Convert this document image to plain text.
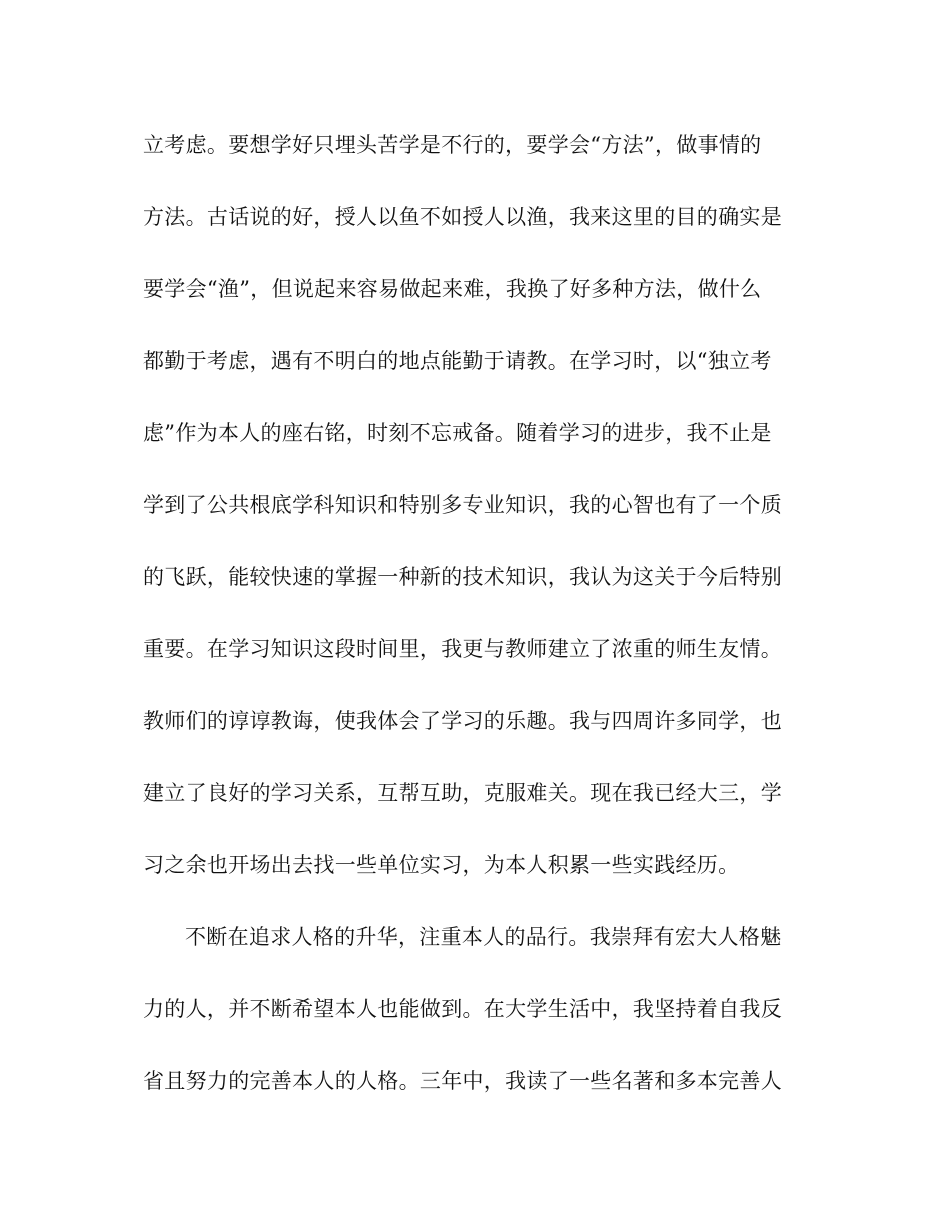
立考虑。要想学好只埋头苦学是不行的，要学会“方法”，做事情的
方法。古话说的好，授人以鱼不如授人以渔，我来这里的目的确实是
要学会“渔”，但说起来容易做起来难，我换了好多种方法，做什么
都勤于考虑，遇有不明白的地点能勤于请教。在学习时，以“独立考
虑”作为本人的座右铭，时刻不忘戒备。随着学习的进步，我不止是
学到了公共根底学科知识和特别多专业知识，我的心智也有了一个质
的飞跃，能较快速的掌握一种新的技术知识，我认为这关于今后特别
重要。在学习知识这段时间里，我更与教师建立了浓重的师生友情。
教师们的谆谆教诲，使我体会了学习的乐趣。我与四周许多同学，也
建立了良好的学习关系，互帮互助，克服难关。现在我已经大三，学
习之余也开场出去找一些单位实习，为本人积累一些实践经历。
不断在追求人格的升华，注重本人的品行。我崇拜有宏大人格魅
力的人，并不断希望本人也能做到。在大学生活中，我坚持着自我反
省且努力的完善本人的人格。三年中，我读了一些名著和多本完善人
